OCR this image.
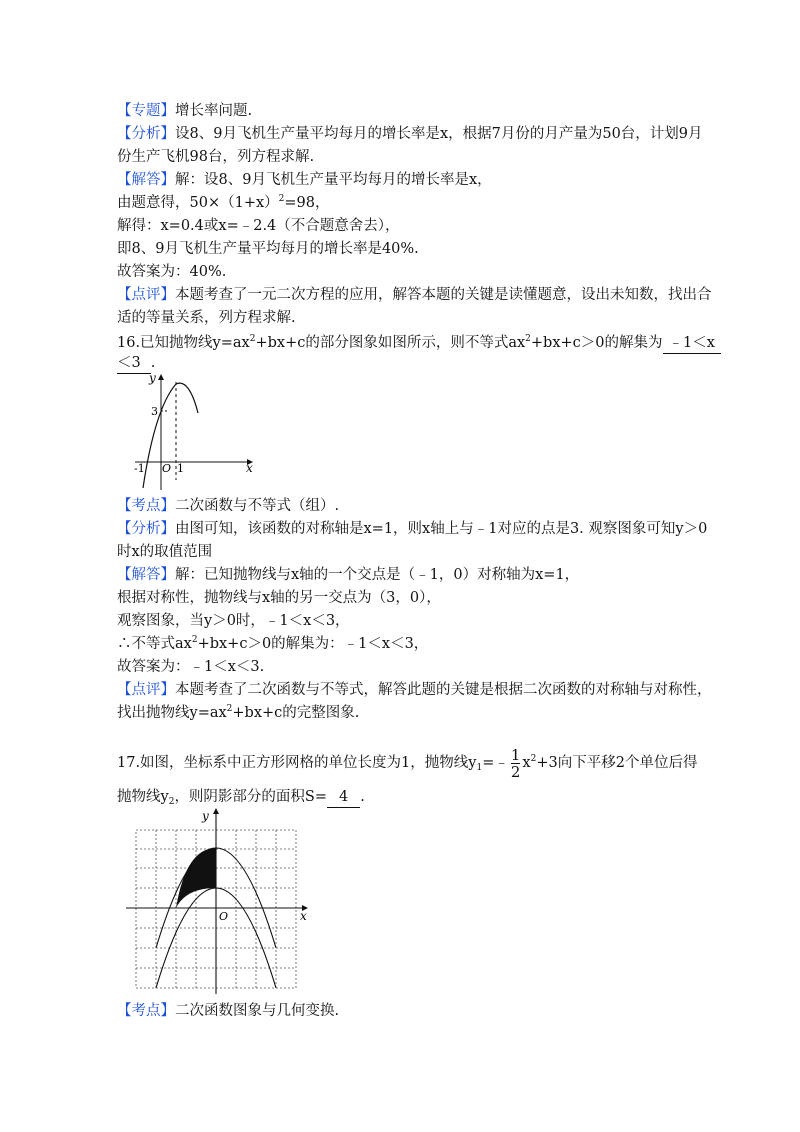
【专题】增长率问题.
【分析】设8、9月飞机生产量平均每月的增长率是x，根据7月份的月产量为50台，计划9月
份生产飞机98台，列方程求解.
【解答】解：设8、9月飞机生产量平均每月的增长率是x，
由题意得，$50\times(1+x)^2=98$，
解得：x=0.4或x=﹣2.4（不合题意舍去），
即8、9月飞机生产量平均每月的增长率是40%.
故答案为：40%.
【点评】本题考查了一元二次方程的应用，解答本题的关键是读懂题意，设出未知数，找出合
适的等量关系，列方程求解.
16.已知抛物线$y=ax^2+bx+c$的部分图象如图所示，则不等式$ax^2+bx+c>0$的解集为 ﹣1＜x
＜3 .
y
x
3
-1 O 1
【考点】二次函数与不等式（组）.
【分析】由图可知，该函数的对称轴是x=1，则x轴上与﹣1对应的点是3. 观察图象可知y＞0
时x的取值范围
【解答】解：已知抛物线与x轴的一个交点是（﹣1，0）对称轴为x=1，
根据对称性，抛物线与x轴的另一交点为（3，0），
观察图象，当y＞0时，﹣1＜x＜3，
∴不等式$ax^2+bx+c>0$的解集为：﹣1＜x＜3，
故答案为：﹣1＜x＜3.
【点评】本题考查了二次函数与不等式，解答此题的关键是根据二次函数的对称轴与对称性，
找出抛物线$y=ax^2+bx+c$的完整图象.
17.如图，坐标系中正方形网格的单位长度为1，抛物线$y_1=﹣ \frac{1}{2} x^2+3$向下平移2个单位后得
抛物线$y_2$，则阴影部分的面积S= 4 .
y
x
O
【考点】二次函数图象与几何变换.
